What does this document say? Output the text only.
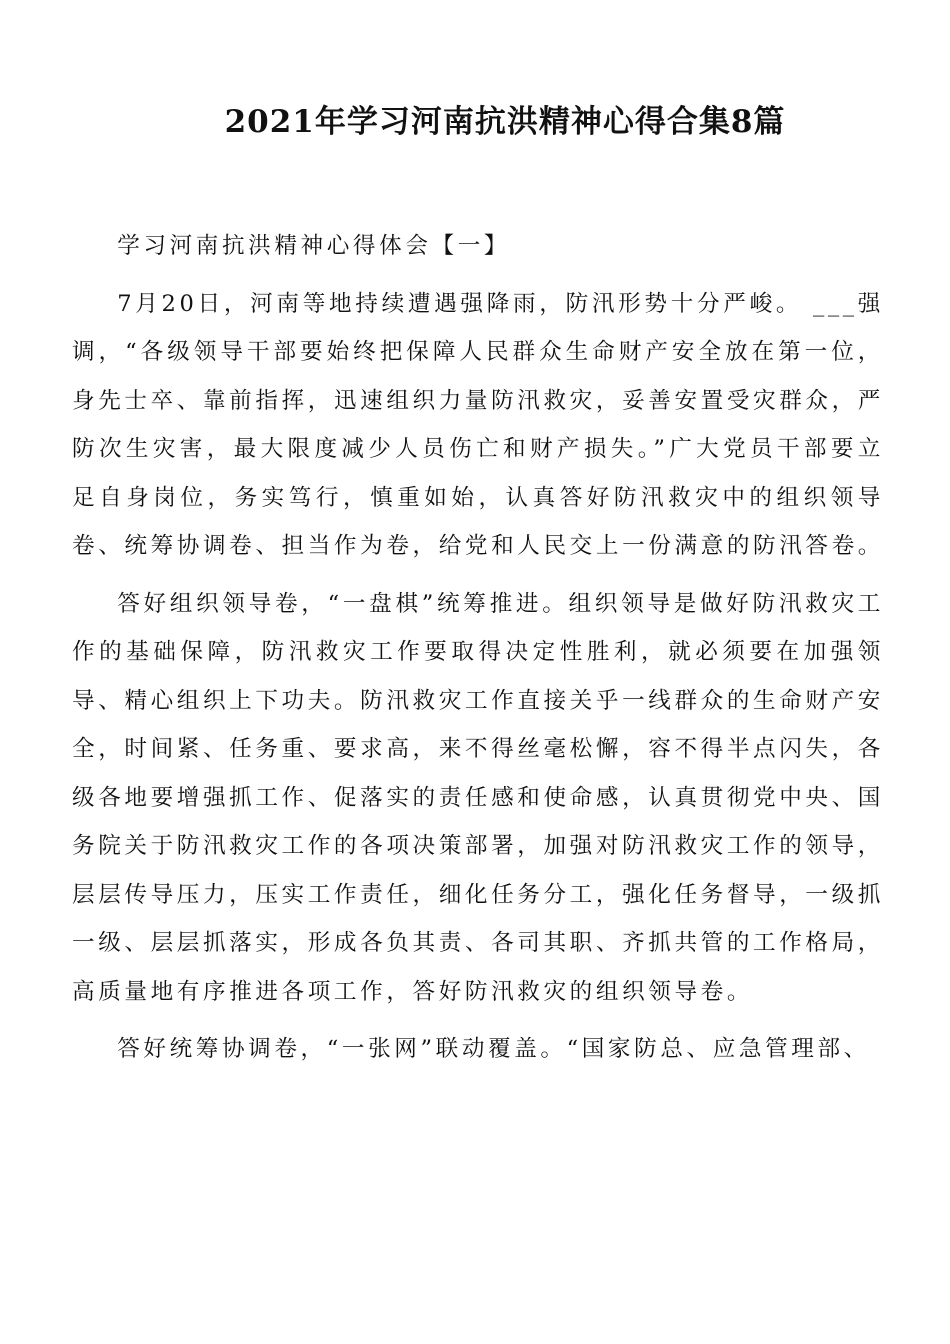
2021年学习河南抗洪精神心得合集8篇

学习河南抗洪精神心得体会【一】

7月20日，河南等地持续遭遇强降雨，防汛形势十分严峻。 ___强调，“各级领导干部要始终把保障人民群众生命财产安全放在第一位，身先士卒、靠前指挥，迅速组织力量防汛救灾，妥善安置受灾群众，严防次生灾害，最大限度减少人员伤亡和财产损失。”广大党员干部要立足自身岗位，务实笃行，慎重如始，认真答好防汛救灾中的组织领导卷、统筹协调卷、担当作为卷，给党和人民交上一份满意的防汛答卷。

答好组织领导卷，“一盘棋”统筹推进。组织领导是做好防汛救灾工作的基础保障，防汛救灾工作要取得决定性胜利，就必须要在加强领导、精心组织上下功夫。防汛救灾工作直接关乎一线群众的生命财产安全，时间紧、任务重、要求高，来不得丝毫松懈，容不得半点闪失，各级各地要增强抓工作、促落实的责任感和使命感，认真贯彻党中央、国务院关于防汛救灾工作的各项决策部署，加强对防汛救灾工作的领导，层层传导压力，压实工作责任，细化任务分工，强化任务督导，一级抓一级、层层抓落实，形成各负其责、各司其职、齐抓共管的工作格局，高质量地有序推进各项工作，答好防汛救灾的组织领导卷。

答好统筹协调卷，“一张网”联动覆盖。“国家防总、应急管理部、
